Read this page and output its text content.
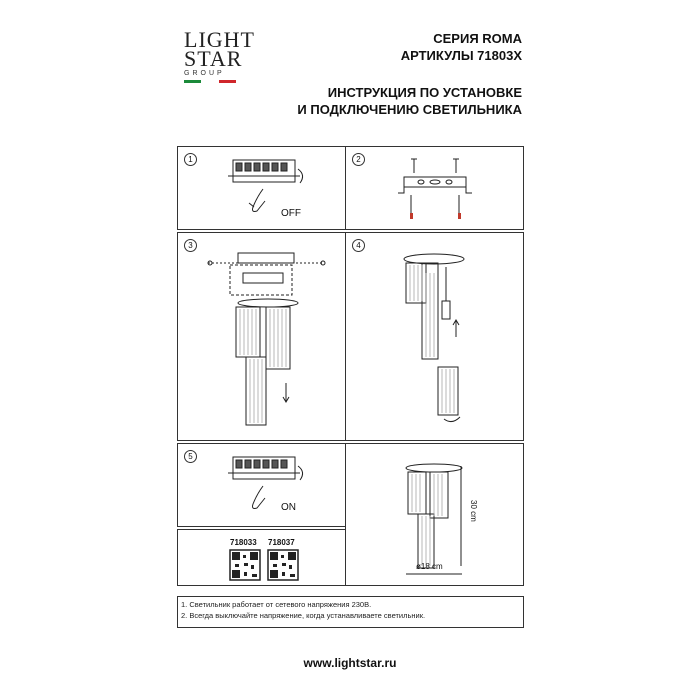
LIGHT
STAR
GROUP
СЕРИЯ ROMA
АРТИКУЛЫ 71803X
ИНСТРУКЦИЯ ПО УСТАНОВКЕ
И ПОДКЛЮЧЕНИЮ СВЕТИЛЬНИКА
1
OFF
2
3	4
5
ON	30 cm
ø18 cm
718033 718037
1. Светильник работает от сетевого напряжения 230В.
2. Всегда выключайте напряжение, когда устанавливаете светильник.
www.lightstar.ru
